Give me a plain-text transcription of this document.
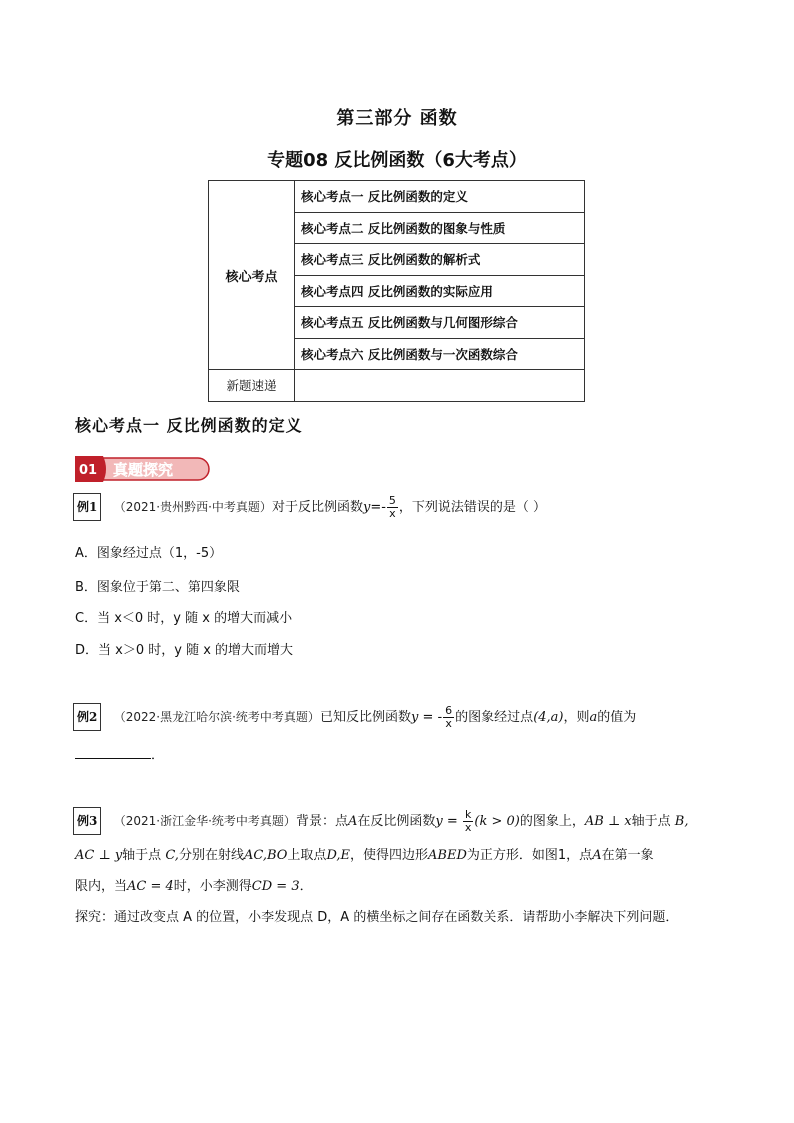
第三部分 函数
专题08 反比例函数（6大考点）
核心考点	核心考点一 反比例函数的定义
	核心考点二 反比例函数的图象与性质
	核心考点三 反比例函数的解析式
	核心考点四 反比例函数的实际应用
	核心考点五 反比例函数与几何图形综合
	核心考点六 反比例函数与一次函数综合
新题速递	
核心考点一 反比例函数的定义
01 真题探究
例1 （2021·贵州黔西·中考真题）对于反比例函数$y=- \frac{5}{x}$ ，下列说法错误的是（ ）
A．图象经过点（1，-5）
B．图象位于第二、第四象限
C．当 x＜0 时，y 随 x 的增大而减小
D．当 x＞0 时，y 随 x 的增大而增大
例2 （2022·黑龙江哈尔滨·统考中考真题）已知反比例函数y = - $\frac{6}{x}$ 的图象经过点(4,a)，则a的值为
．
例3 （2021·浙江金华·统考中考真题）背景：点A在反比例函数$y = \frac{k}{x} (k > 0)$的图象上，AB ⊥ x轴于点 B,
AC ⊥ y轴于点 C,分别在射线AC,BO上取点D,E，使得四边形ABED为正方形．如图1，点A在第一象
限内，当AC = 4时，小李测得CD = 3．
探究：通过改变点 A 的位置，小李发现点 D，A 的横坐标之间存在函数关系．请帮助小李解决下列问题．
